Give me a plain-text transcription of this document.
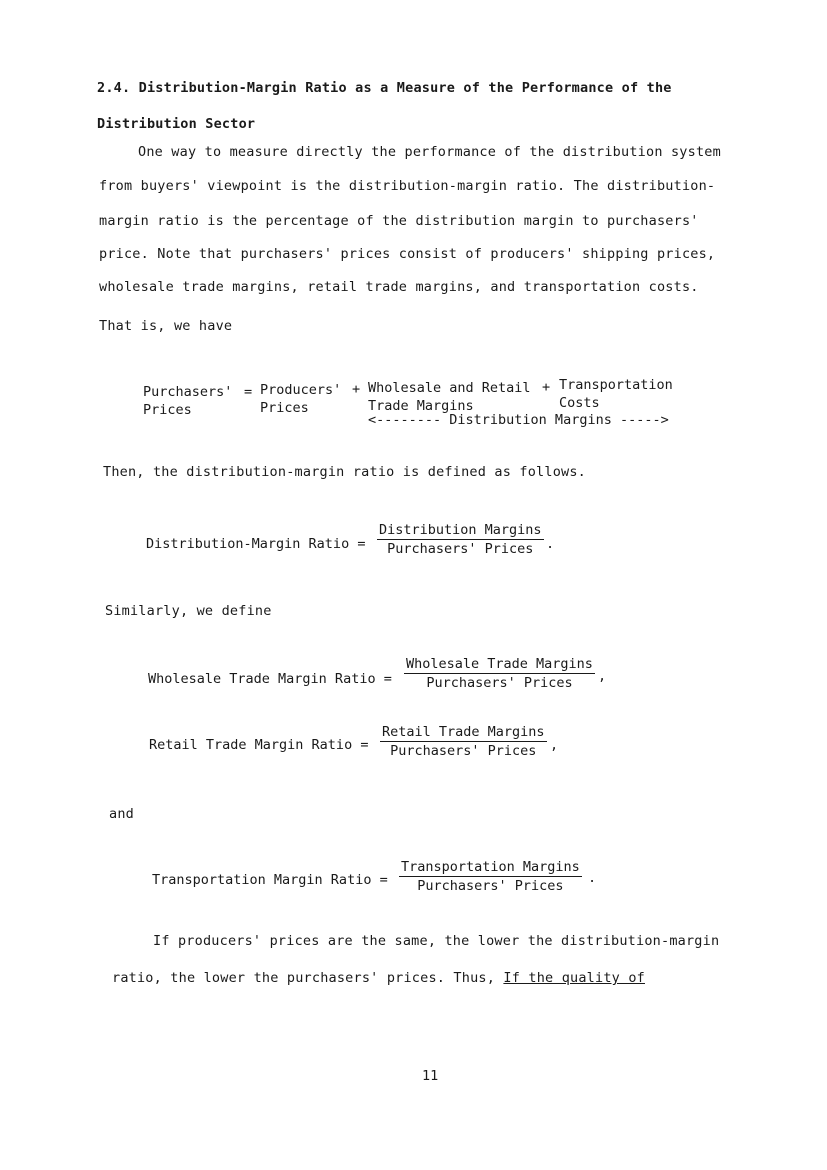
2.4. Distribution-Margin Ratio as a Measure of the Performance of the
Distribution Sector
One way to measure directly the performance of the distribution system
from buyers' viewpoint is the distribution-margin ratio. The distribution-
margin ratio is the percentage of the distribution margin to purchasers'
price. Note that purchasers' prices consist of producers' shipping prices,
wholesale trade margins, retail trade margins, and transportation costs.
That is, we have
Purchasers'
Prices
= Producers'
Prices
+ Wholesale and Retail
Trade Margins
+ Transportation
Costs
<-------- Distribution Margins ----->
Then, the distribution-margin ratio is defined as follows.
Distribution-Margin Ratio =
Distribution Margins
Purchasers' Prices .
Similarly, we define
Wholesale Trade Margin Ratio =
Wholesale Trade Margins
Purchasers' Prices ,
Retail Trade Margin Ratio =
Retail Trade Margins
Purchasers' Prices ,
and
Transportation Margin Ratio =
Transportation Margins
Purchasers' Prices .
If producers' prices are the same, the lower the distribution-margin
ratio, the lower the purchasers' prices. Thus, If the quality of
11
